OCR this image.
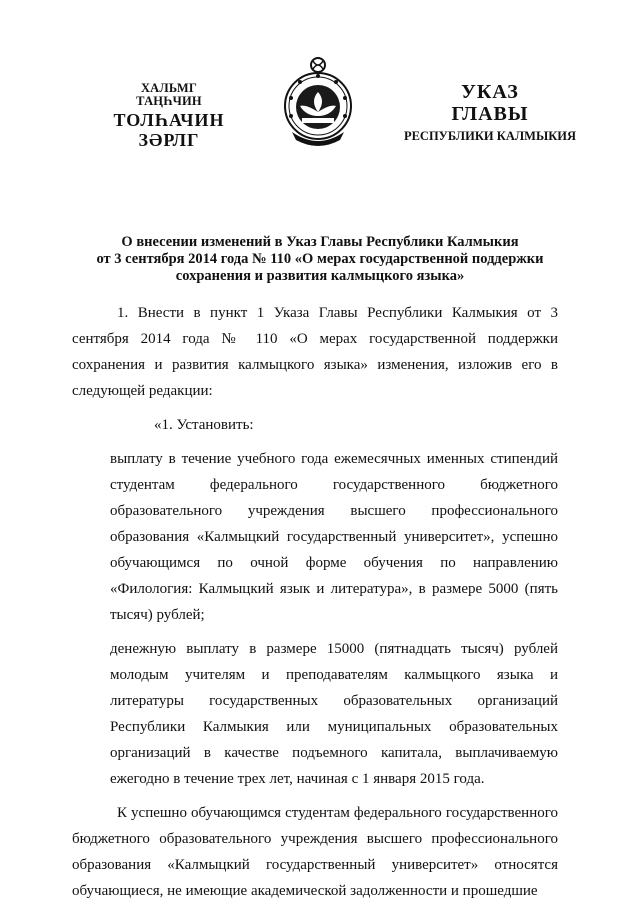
ХАЛЬМГ ТАҢҺЧИН
ТОЛҺАЧИН
ЗӘРЛГ
УКАЗ
ГЛАВЫ
РЕСПУБЛИКИ КАЛМЫКИЯ
О внесении изменений в Указ Главы Республики Калмыкия
от 3 сентября 2014 года № 110 «О мерах государственной поддержки
сохранения и развития калмыцкого языка»

1. Внести в пункт 1 Указа Главы Республики Калмыкия от 3 сентября 2014 года № 110 «О мерах государственной поддержки сохранения и развития калмыцкого языка» изменения, изложив его в следующей редакции:

«1. Установить:

выплату в течение учебного года ежемесячных именных стипендий студентам федерального государственного бюджетного образовательного учреждения высшего профессионального образования «Калмыцкий государственный университет», успешно обучающимся по очной форме обучения по направлению «Филология: Калмыцкий язык и литература», в размере 5000 (пять тысяч) рублей;

денежную выплату в размере 15000 (пятнадцать тысяч) рублей молодым учителям и преподавателям калмыцкого языка и литературы государственных образовательных организаций Республики Калмыкия или муниципальных образовательных организаций в качестве подъемного капитала, выплачиваемую ежегодно в течение трех лет, начиная с 1 января 2015 года.

К успешно обучающимся студентам федерального государственного бюджетного образовательного учреждения высшего профессионального образования «Калмыцкий государственный университет» относятся обучающиеся, не имеющие академической задолженности и прошедшие
